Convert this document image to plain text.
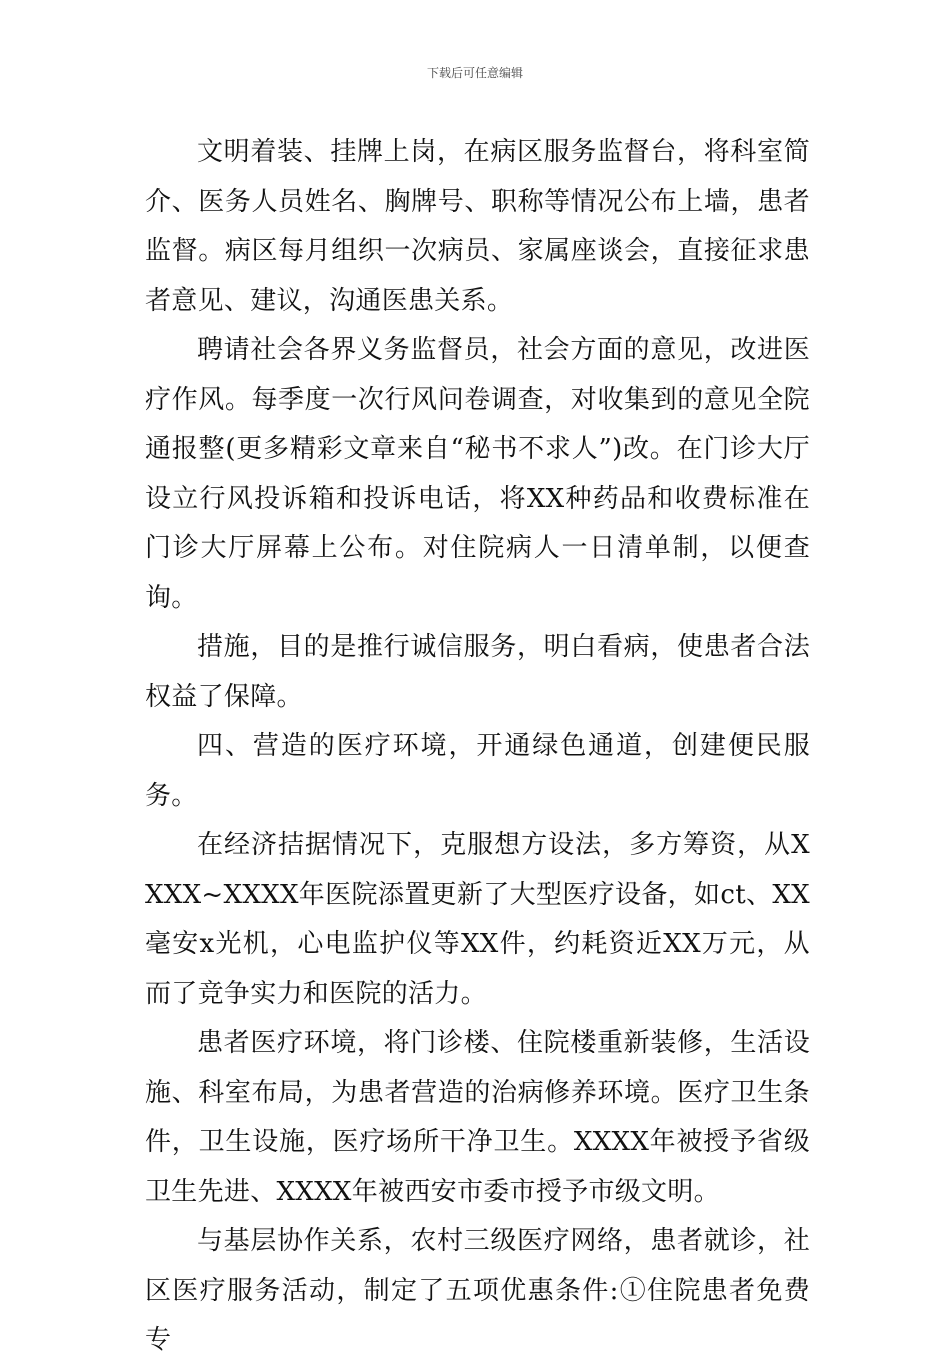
下载后可任意编辑

文明着装、挂牌上岗，在病区服务监督台，将科室简介、医务人员姓名、胸牌号、职称等情况公布上墙，患者监督。病区每月组织一次病员、家属座谈会，直接征求患者意见、建议，沟通医患关系。

聘请社会各界义务监督员，社会方面的意见，改进医疗作风。每季度一次行风问卷调查，对收集到的意见全院通报整(更多精彩文章来自“秘书不求人”)改。在门诊大厅设立行风投诉箱和投诉电话，将XX种药品和收费标准在门诊大厅屏幕上公布。对住院病人一日清单制，以便查询。

措施，目的是推行诚信服务，明白看病，使患者合法权益了保障。

四、营造的医疗环境，开通绿色通道，创建便民服务。

在经济拮据情况下，克服想方设法，多方筹资，从XXXX~XXXX年医院添置更新了大型医疗设备，如ct、XX毫安x光机，心电监护仪等XX件，约耗资近XX万元，从而了竞争实力和医院的活力。

患者医疗环境，将门诊楼、住院楼重新装修，生活设施、科室布局，为患者营造的治病修养环境。医疗卫生条件，卫生设施，医疗场所干净卫生。XXXX年被授予省级卫生先进、XXXX年被西安市委市授予市级文明。

与基层协作关系，农村三级医疗网络，患者就诊，社区医疗服务活动，制定了五项优惠条件:①住院患者免费专
